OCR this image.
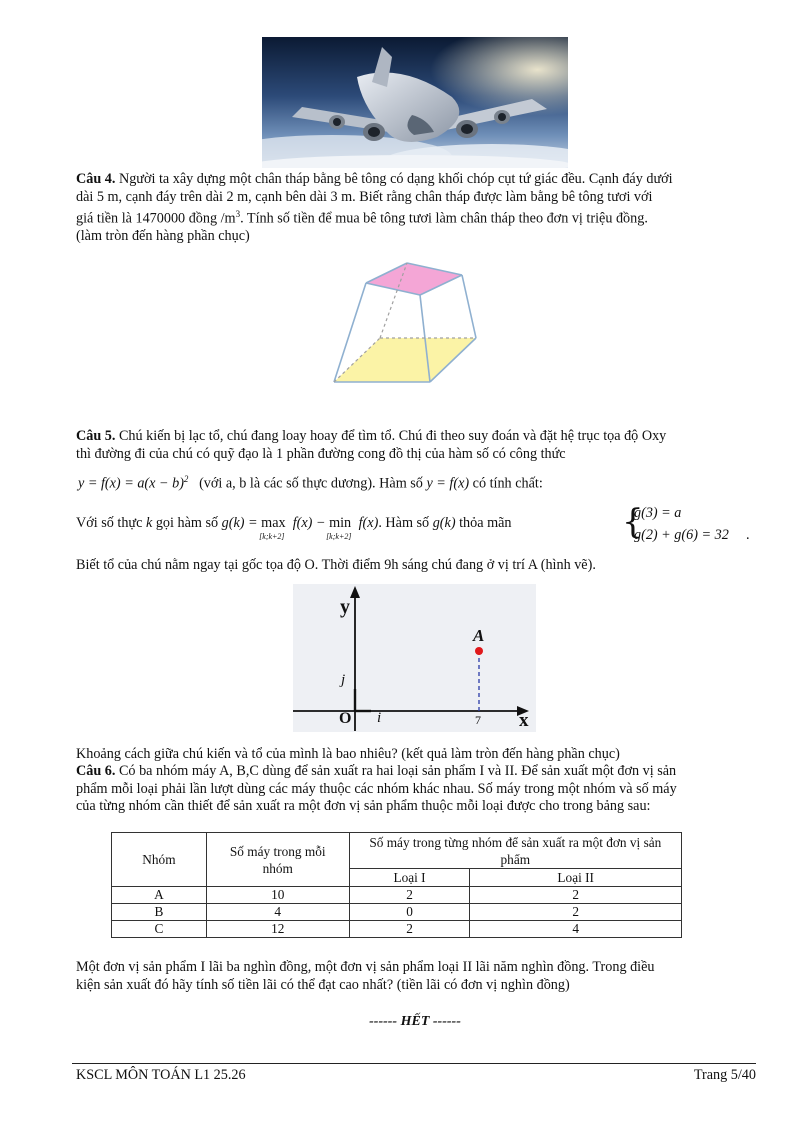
Câu 4. Người ta xây dựng một chân tháp bằng bê tông có dạng khối chóp cụt tứ giác đều. Cạnh đáy dưới
dài 5 m, cạnh đáy trên dài 2 m, cạnh bên dài 3 m. Biết rằng chân tháp được làm bằng bê tông tươi với
giá tiền là 1470000 đồng $/m^3$. Tính số tiền để mua bê tông tươi làm chân tháp theo đơn vị triệu đồng.
(làm tròn đến hàng phần chục)
Câu 5. Chú kiến bị lạc tổ, chú đang loay hoay để tìm tổ. Chú đi theo suy đoán và đặt hệ trục tọa độ Oxy
thì đường đi của chú có quỹ đạo là 1 phần đường cong đồ thị của hàm số có công thức
$y = f(x) = a(x - b)^2$ (với a, b là các số thực dương). Hàm số y = f(x) có tính chất:
Với số thực k gọi hàm số g(k) = max
[k;k+2]
f(x) − min
[k;k+2]
f(x). Hàm số g(k) thỏa mãn	{
g(3) = a
g(2) + g(6) = 32 .
Biết tổ của chú nằm ngay tại gốc tọa độ O. Thời điểm 9h sáng chú đang ở vị trí A (hình vẽ).
y
x
O i
j
A
7
Khoảng cách giữa chú kiến và tổ của mình là bao nhiêu? (kết quả làm tròn đến hàng phần chục)
Câu 6. Có ba nhóm máy A, B,C dùng để sản xuất ra hai loại sản phẩm I và II. Để sản xuất một đơn vị sản
phẩm mỗi loại phải lần lượt dùng các máy thuộc các nhóm khác nhau. Số máy trong một nhóm và số máy
của từng nhóm cần thiết để sản xuất ra một đơn vị sản phẩm thuộc mỗi loại được cho trong bảng sau:
Nhóm	Số máy trong mỗi nhóm	Số máy trong từng nhóm để sản xuất ra một đơn vị sản phẩm	
		Loại I	Loại II
A	10	2	2
B	4	0	2
C	12	2	4
Một đơn vị sản phẩm I lãi ba nghìn đồng, một đơn vị sản phẩm loại II lãi năm nghìn đồng. Trong điều
kiện sản xuất đó hãy tính số tiền lãi có thể đạt cao nhất? (tiền lãi có đơn vị nghìn đồng)
------ HẾT ------
KSCL MÔN TOÁN L1 25.26	Trang 5/40
